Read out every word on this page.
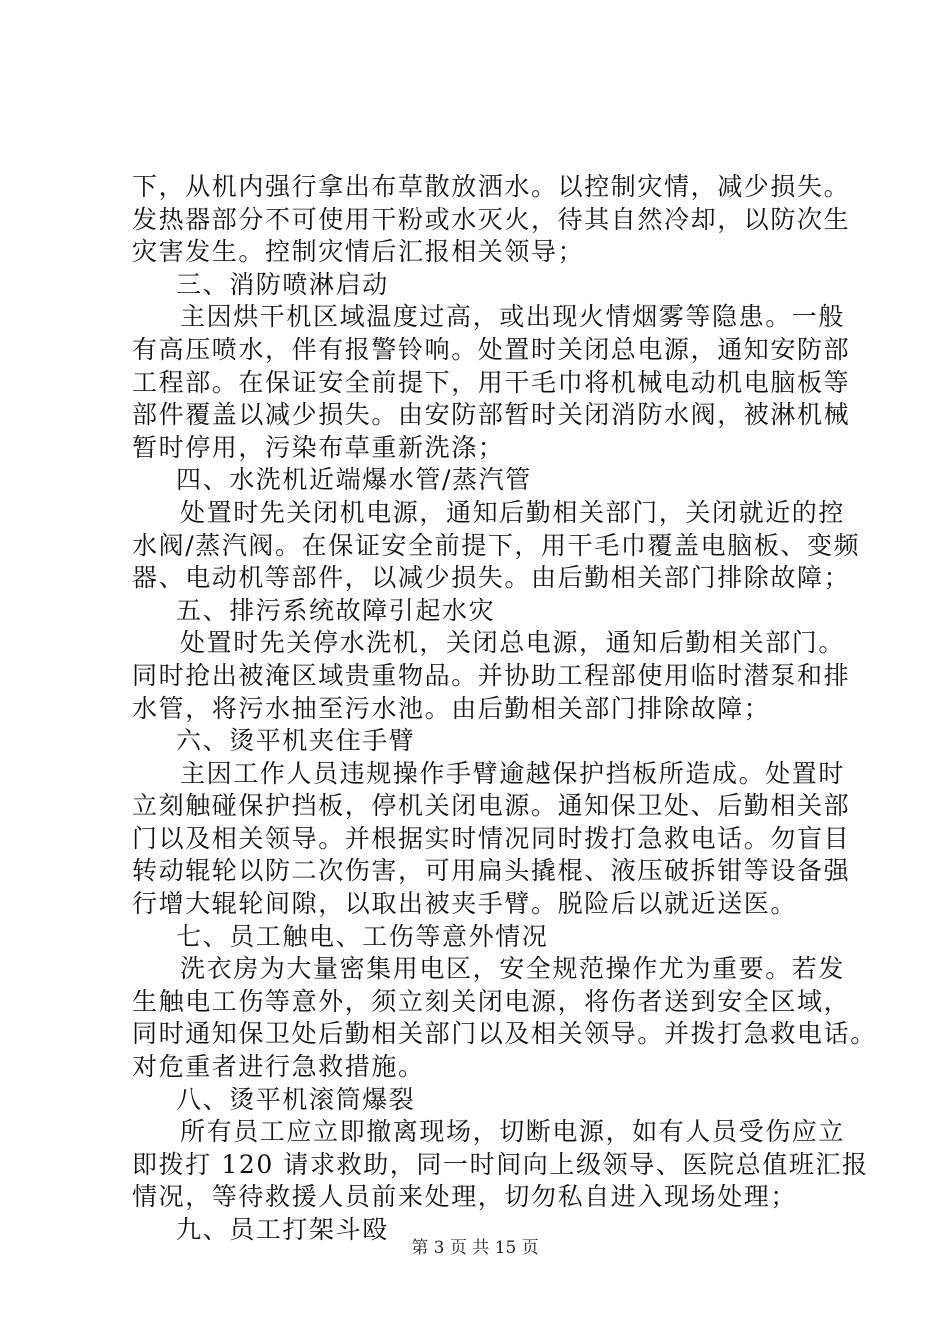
下，从机内强行拿出布草散放洒水。以控制灾情，减少损失。
发热器部分不可使用干粉或水灭火，待其自然冷却，以防次生
灾害发生。控制灾情后汇报相关领导；
三、消防喷淋启动
主因烘干机区域温度过高，或出现火情烟雾等隐患。一般
有高压喷水，伴有报警铃响。处置时关闭总电源，通知安防部
工程部。在保证安全前提下，用干毛巾将机械电动机电脑板等
部件覆盖以减少损失。由安防部暂时关闭消防水阀，被淋机械
暂时停用，污染布草重新洗涤；
四、水洗机近端爆水管/蒸汽管
处置时先关闭机电源，通知后勤相关部门，关闭就近的控
水阀/蒸汽阀。在保证安全前提下，用干毛巾覆盖电脑板、变频
器、电动机等部件，以减少损失。由后勤相关部门排除故障；
五、排污系统故障引起水灾
处置时先关停水洗机，关闭总电源，通知后勤相关部门。
同时抢出被淹区域贵重物品。并协助工程部使用临时潜泵和排
水管，将污水抽至污水池。由后勤相关部门排除故障；
六、烫平机夹住手臂
主因工作人员违规操作手臂逾越保护挡板所造成。处置时
立刻触碰保护挡板，停机关闭电源。通知保卫处、后勤相关部
门以及相关领导。并根据实时情况同时拨打急救电话。勿盲目
转动辊轮以防二次伤害，可用扁头撬棍、液压破拆钳等设备强
行增大辊轮间隙，以取出被夹手臂。脱险后以就近送医。
七、员工触电、工伤等意外情况
洗衣房为大量密集用电区，安全规范操作尤为重要。若发
生触电工伤等意外，须立刻关闭电源，将伤者送到安全区域，
同时通知保卫处后勤相关部门以及相关领导。并拨打急救电话。
对危重者进行急救措施。
八、烫平机滚筒爆裂
所有员工应立即撤离现场，切断电源，如有人员受伤应立
即拨打 120 请求救助，同一时间向上级领导、医院总值班汇报
情况，等待救援人员前来处理，切勿私自进入现场处理；
九、员工打架斗殴
第 3 页 共 15 页
